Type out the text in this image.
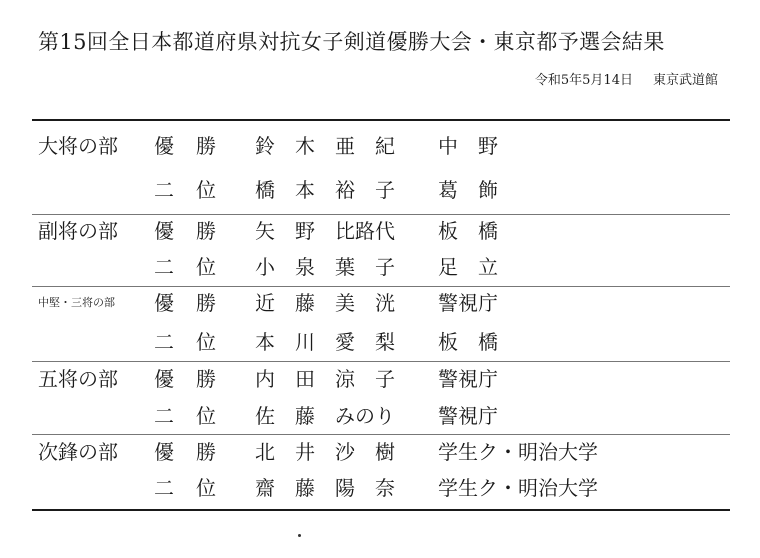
第15回全日本都道府県対抗女子剣道優勝大会・東京都予選会結果
令和5年5月14日 東京武道館
大将の部 優勝 鈴　木　亜　紀 中　野
二位 橋　本　裕　子 葛　飾
副将の部 優勝 矢　野　比路代 板　橋
二位 小　泉　葉　子 足　立
中堅・三将の部 優勝 近　藤　美　洸 警視庁
二位 本　川　愛　梨 板　橋
五将の部 優勝 内　田　涼　子 警視庁
二位 佐　藤　みのり 警視庁
次鋒の部 優勝 北　井　沙　樹 学生ク・明治大学
二位 齋　藤　陽　奈 学生ク・明治大学
